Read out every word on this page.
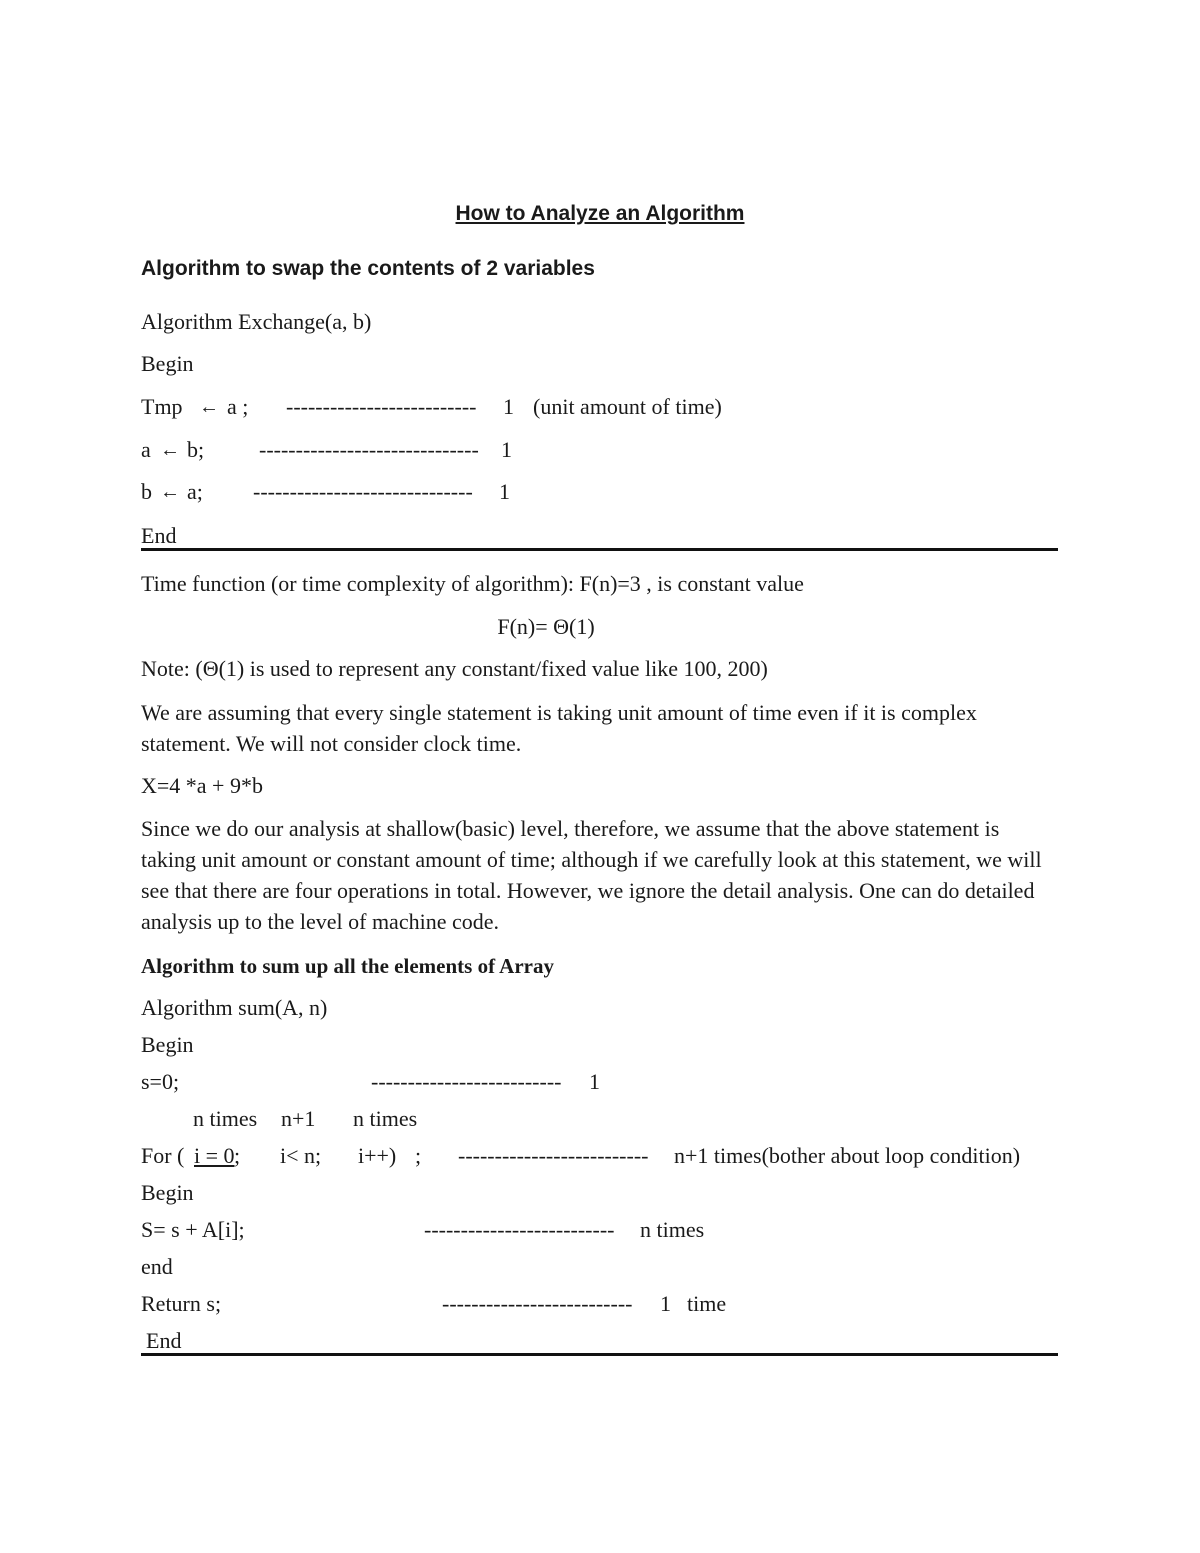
How to Analyze an Algorithm
Algorithm to swap the contents of 2 variables
Algorithm Exchange(a, b)
Begin
Tmp ← a ; -------------------------- 1 (unit amount of time)
a ← b; ------------------------------ 1
b ← a; ------------------------------ 1
End
Time function (or time complexity of algorithm): F(n)=3 , is constant value
F(n)= Θ(1)
Note: (Θ(1) is used to represent any constant/fixed value like 100, 200)
We are assuming that every single statement is taking unit amount of time even if it is complex statement. We will not consider clock time.
X=4 *a + 9*b
Since we do our analysis at shallow(basic) level, therefore, we assume that the above statement is taking unit amount or constant amount of time; although if we carefully look at this statement, we will see that there are four operations in total. However, we ignore the detail analysis. One can do detailed analysis up to the level of machine code.
Algorithm to sum up all the elements of Array
Algorithm sum(A, n)
Begin
s=0;	-------------------------- 1
n times n+1 n times
For ( i = 0 ; i< n; i++) ; -------------------------- n+1 times(bother about loop condition)
Begin
S= s + A[i];	-------------------------- n times
end
Return s;	-------------------------- 1 time
End
